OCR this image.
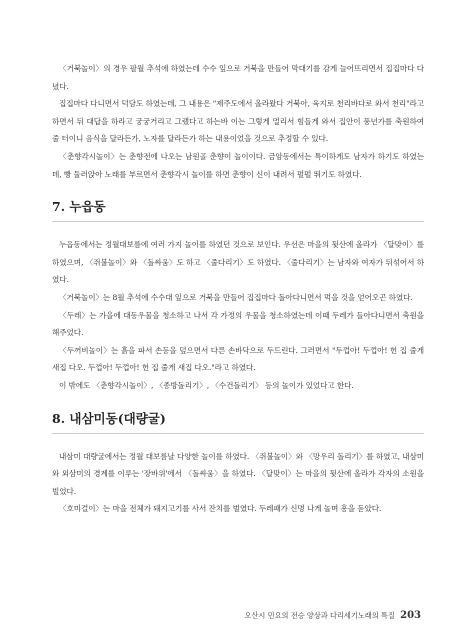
〈거북놀이〉의 경우 팔월 추석에 하였는데 수수 잎으로 거북을 만들어 막대기를 감게 늘어뜨리면서 집집마다 다녔다.

집집마다 다니면서 덕담도 하였는데, 그 내용은 "제주도에서 올라왔다 거북아, 육지로 천리바다로 와서 천리"라고 하면서 뒤 대답을 하라고 궁궁거리고 그랬다고 하는바 이는 그렇게 멀리서 힘들게 와서 집안이 풍년가를 축원하여줄 터이니 음식을 달라든가, 노자를 달라든가 하는 내용이었을 것으로 추정할 수 있다.

〈춘향각시놀이〉는 춘향전에 나오는 남원골 춘향이 놀이이다. 금암동에서는 특이하게도 남자가 하기도 하였는데, 빵 둘러앉아 노래를 부르면서 춘향각시 놀이를 하면 춘향이 신이 내려서 펄펄 뛰기도 하였다.

7. 누읍동

누읍동에서는 정월대보름에 여러 가지 놀이를 하였던 것으로 보인다. 우선은 마을의 뒷산에 올라가 〈달맞이〉를 하였으며, 〈쥐불놀이〉와 〈돌싸움〉도 하고 〈줄다리기〉도 하였다. 〈줄다리기〉는 남자와 여자가 뒤섞어서 하였다.

〈거북놀이〉는 8월 추석에 수수대 잎으로 거북을 만들어 집집마다 돌아다니면서 먹을 것을 얻어오곤 하였다.

〈두레〉는 가을에 대동우물을 청소하고 나서 각 가정의 우물을 청소하였는데 이때 두레가 들아다니면서 축원을 해주었다.

〈두꺼비놀이〉는 흙을 파서 손등을 덮으면서 다른 손바닥으로 두드린다. 그러면서 "두껍아! 두껍아! 헌 집 줄게 새집 다오. 두껍아! 두껍아! 헌 집 줄게 새집 다오."라고 하였다.

이 밖에도 〈춘향각시놀이〉, 〈종방돌리기〉, 〈수건돌리기〉 등의 놀이가 있었다고 한다.

8. 내삼미동(대량굴)

내삼미 대량굴에서는 정월 대보름날 다양한 놀이를 하였다. 〈쥐불놀이〉와 〈망우리 돌리기〉를 하였고, 내삼미와 외삼미의 경계를 이루는 '장바위'에서 〈돌싸움〉을 하였다. 〈달맞이〉는 마을의 뒷산에 올라가 각자의 소원을 빌었다.

〈호미걸이〉는 마을 전체가 돼지고기를 사서 잔치를 벌였다. 두레패가 신명 나게 놀며 흥을 돋았다.

오산시 민요의 전승 양상과 다리세기노래의 특질 203
